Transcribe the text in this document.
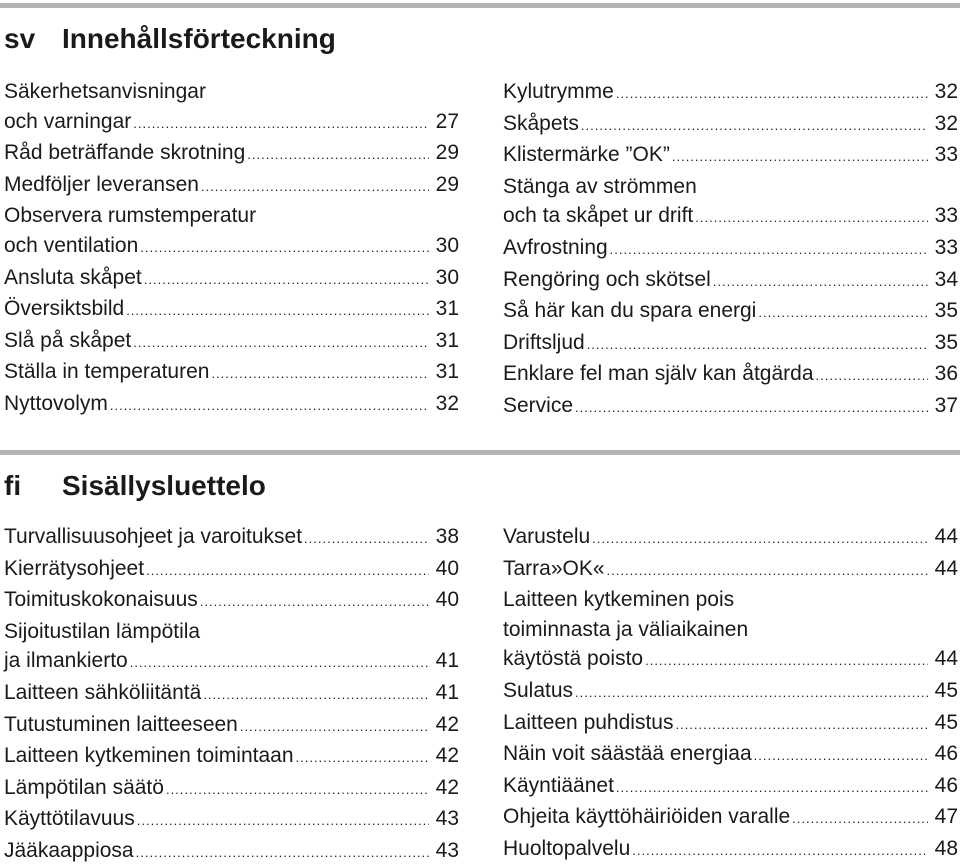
sv Innehållsförteckning
Säkerhetsanvisningar
och varningar .....	27
Råd beträffande skrotning .....	29
Medföljer leveransen .....	29
Observera rumstemperatur
och ventilation .....	30
Ansluta skåpet .....	30
Översiktsbild .....	31
Slå på skåpet .....	31
Ställa in temperaturen .....	31
Nyttovolym .....	32
Kylutrymme .....	32
Skåpets .....	32
Klistermärke ”OK” .....	33
Stänga av strömmen
och ta skåpet ur drift .....	33
Avfrostning .....	33
Rengöring och skötsel .....	34
Så här kan du spara energi .....	35
Driftsljud .....	35
Enklare fel man själv kan åtgärda .....	36
Service .....	37
fi Sisällysluettelo
Turvallisuusohjeet ja varoitukset .....	38
Kierrätysohjeet .....	40
Toimituskokonaisuus .....	40
Sijoitustilan lämpötila
ja ilmankierto .....	41
Laitteen sähköliitäntä .....	41
Tutustuminen laitteeseen .....	42
Laitteen kytkeminen toimintaan .....	42
Lämpötilan säätö .....	42
Käyttötilavuus .....	43
Jääkaappiosa .....	43
Varustelu .....	44
Tarra»OK« .....	44
Laitteen kytkeminen pois
toiminnasta ja väliaikainen
käytöstä poisto .....	44
Sulatus .....	45
Laitteen puhdistus .....	45
Näin voit säästää energiaa .....	46
Käyntiäänet .....	46
Ohjeita käyttöhäiriöiden varalle .....	47
Huoltopalvelu .....	48
